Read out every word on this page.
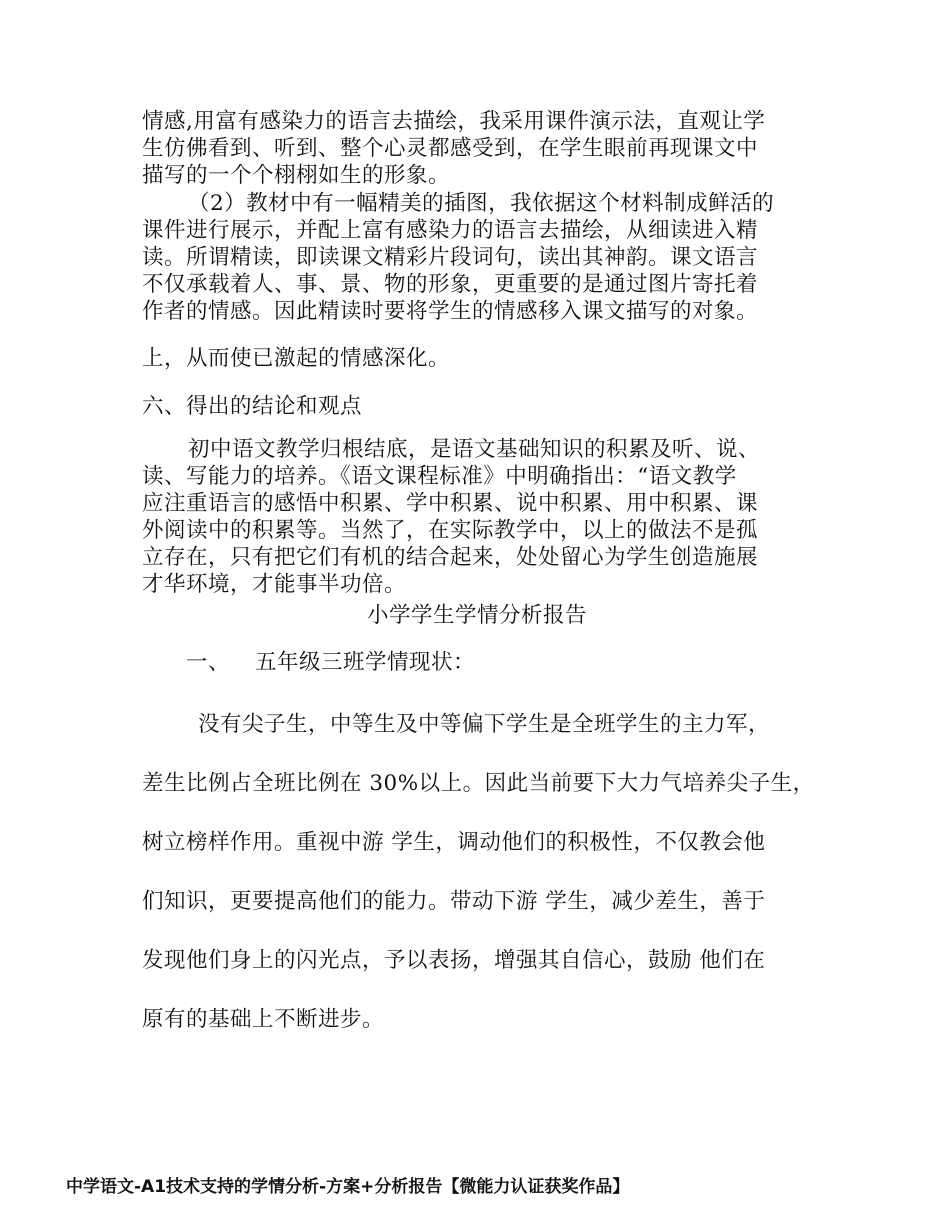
情感,用富有感染力的语言去描绘，我采用课件演示法，直观让学
生仿佛看到、听到、整个心灵都感受到，在学生眼前再现课文中
描写的一个个栩栩如生的形象。
（2）教材中有一幅精美的插图，我依据这个材料制成鲜活的
课件进行展示，并配上富有感染力的语言去描绘，从细读进入精
读。所谓精读，即读课文精彩片段词句，读出其神韵。课文语言
不仅承载着人、事、景、物的形象，更重要的是通过图片寄托着
作者的情感。因此精读时要将学生的情感移入课文描写的对象。
上，从而使已激起的情感深化。
六、得出的结论和观点
初中语文教学归根结底，是语文基础知识的积累及听、说、
读、写能力的培养。《语文课程标准》中明确指出：“语文教学
应注重语言的感悟中积累、学中积累、说中积累、用中积累、课
外阅读中的积累等。当然了，在实际教学中，以上的做法不是孤
立存在，只有把它们有机的结合起来，处处留心为学生创造施展
才华环境，才能事半功倍。
小学学生学情分析报告
一、 五年级三班学情现状：
没有尖子生，中等生及中等偏下学生是全班学生的主力军，
差生比例占全班比例在 30%以上。因此当前要下大力气培养尖子生，
树立榜样作用。重视中游 学生，调动他们的积极性，不仅教会他
们知识，更要提高他们的能力。带动下游 学生，减少差生，善于
发现他们身上的闪光点，予以表扬，增强其自信心，鼓励 他们在
原有的基础上不断进步。
中学语文-A1技术支持的学情分析-方案+分析报告【微能力认证获奖作品】
